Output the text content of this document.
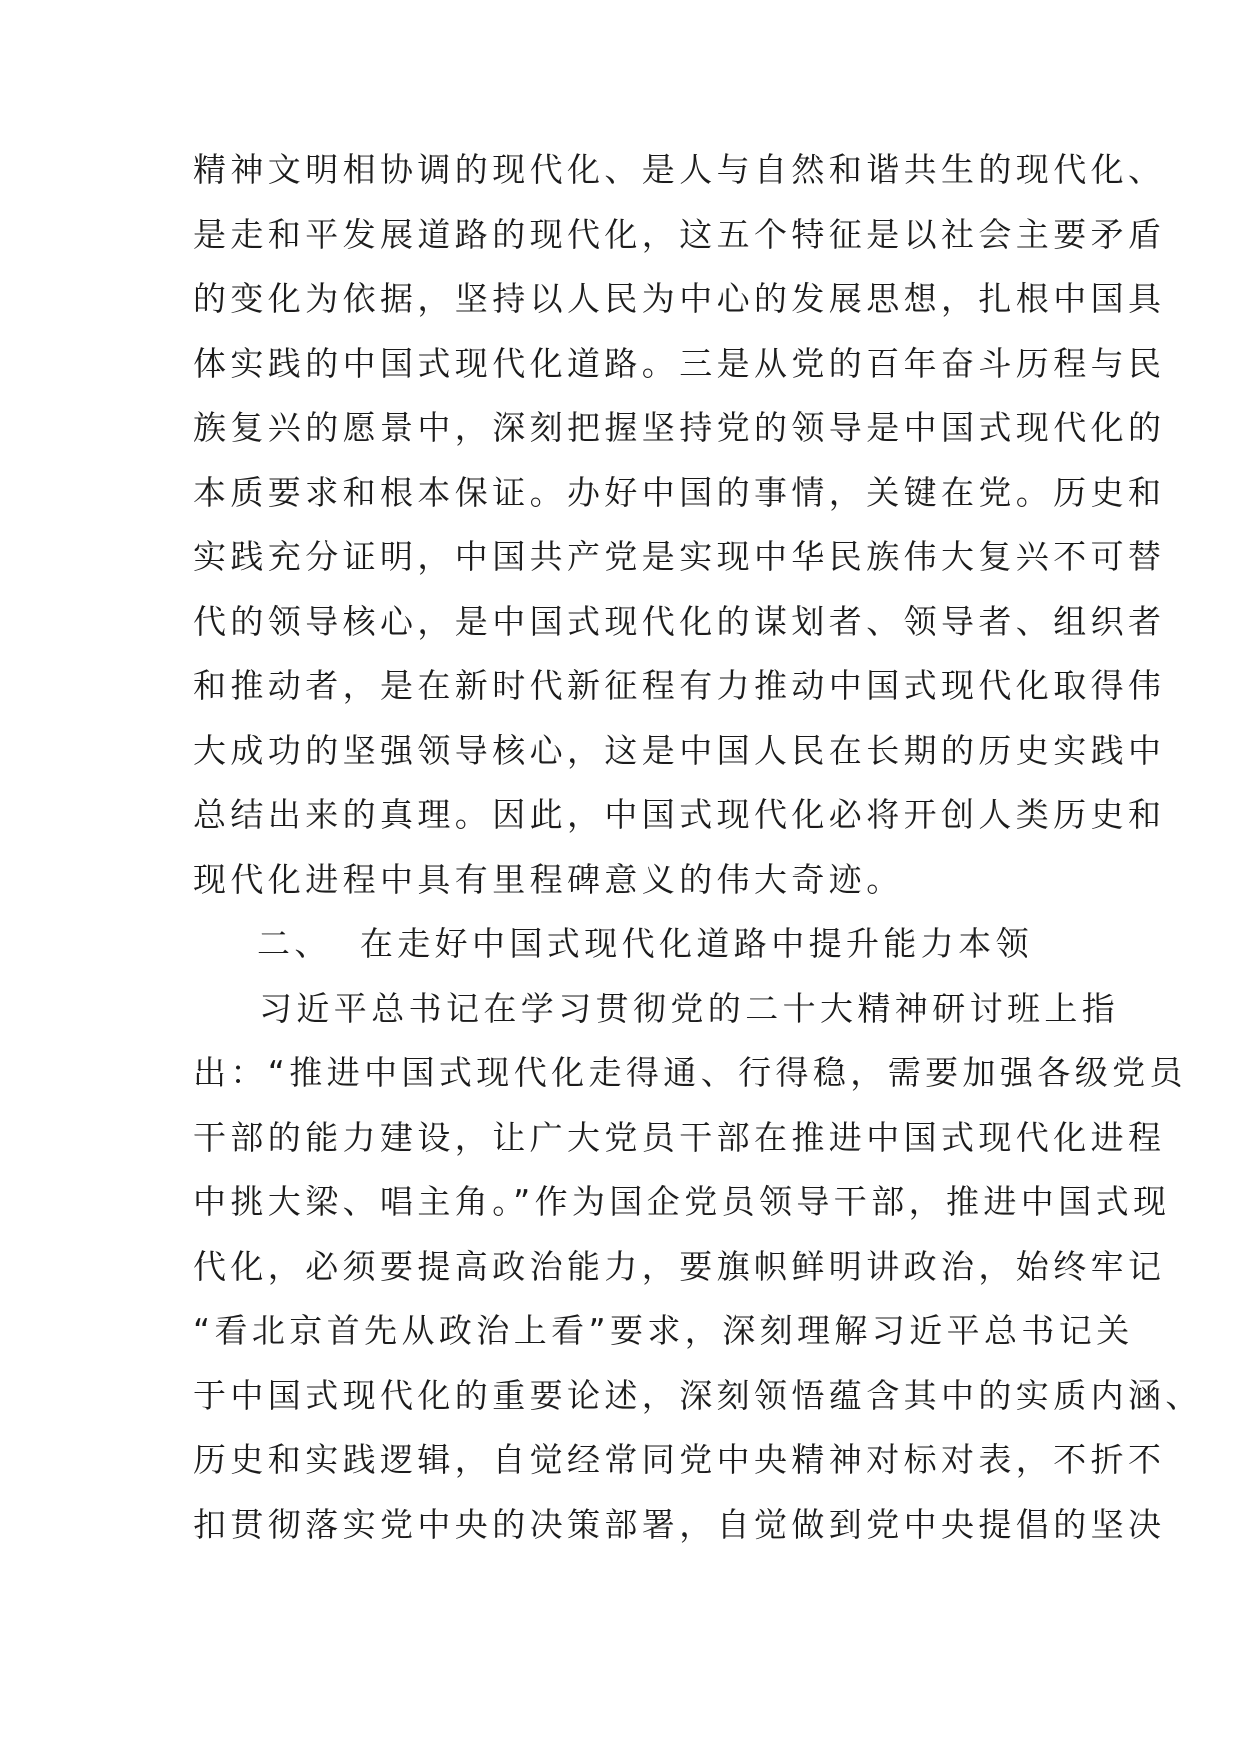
精神文明相协调的现代化、是人与自然和谐共生的现代化、
是走和平发展道路的现代化，这五个特征是以社会主要矛盾
的变化为依据，坚持以人民为中心的发展思想，扎根中国具
体实践的中国式现代化道路。三是从党的百年奋斗历程与民
族复兴的愿景中，深刻把握坚持党的领导是中国式现代化的
本质要求和根本保证。办好中国的事情，关键在党。历史和
实践充分证明，中国共产党是实现中华民族伟大复兴不可替
代的领导核心，是中国式现代化的谋划者、领导者、组织者
和推动者，是在新时代新征程有力推动中国式现代化取得伟
大成功的坚强领导核心，这是中国人民在长期的历史实践中
总结出来的真理。因此，中国式现代化必将开创人类历史和
现代化进程中具有里程碑意义的伟大奇迹。
二、 在走好中国式现代化道路中提升能力本领
习近平总书记在学习贯彻党的二十大精神研讨班上指
出：“推进中国式现代化走得通、行得稳，需要加强各级党员
干部的能力建设，让广大党员干部在推进中国式现代化进程
中挑大梁、唱主角。”作为国企党员领导干部，推进中国式现
代化，必须要提高政治能力，要旗帜鲜明讲政治，始终牢记
“看北京首先从政治上看”要求，深刻理解习近平总书记关
于中国式现代化的重要论述，深刻领悟蕴含其中的实质内涵、
历史和实践逻辑，自觉经常同党中央精神对标对表，不折不
扣贯彻落实党中央的决策部署，自觉做到党中央提倡的坚决
